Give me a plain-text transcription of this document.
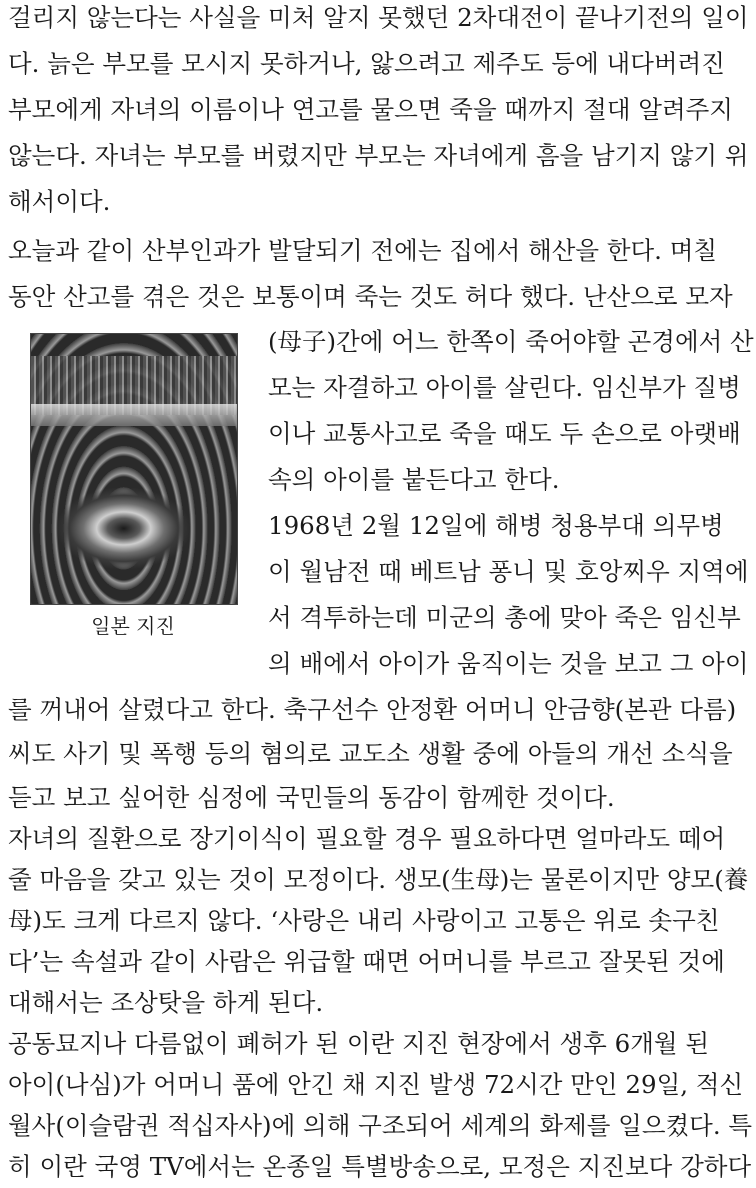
걸리지 않는다는 사실을 미처 알지 못했던 2차대전이 끝나기전의 일이
다. 늙은 부모를 모시지 못하거나, 앓으려고 제주도 등에 내다버려진
부모에게 자녀의 이름이나 연고를 물으면 죽을 때까지 절대 알려주지
않는다. 자녀는 부모를 버렸지만 부모는 자녀에게 흠을 남기지 않기 위
해서이다.
오늘과 같이 산부인과가 발달되기 전에는 집에서 해산을 한다. 며칠
동안 산고를 겪은 것은 보통이며 죽는 것도 허다 했다. 난산으로 모자
(母子)간에 어느 한쪽이 죽어야할 곤경에서 산
모는 자결하고 아이를 살린다. 임신부가 질병
이나 교통사고로 죽을 때도 두 손으로 아랫배
속의 아이를 붙든다고 한다.
1968년 2월 12일에 해병 청용부대 의무병
이 월남전 때 베트남 퐁니 및 호앙찌우 지역에
서 격투하는데 미군의 총에 맞아 죽은 임신부
의 배에서 아이가 움직이는 것을 보고 그 아이
를 꺼내어 살렸다고 한다. 축구선수 안정환 어머니 안금향(본관 다름)
씨도 사기 및 폭행 등의 혐의로 교도소 생활 중에 아들의 개선 소식을
듣고 보고 싶어한 심정에 국민들의 동감이 함께한 것이다.
자녀의 질환으로 장기이식이 필요할 경우 필요하다면 얼마라도 떼어
줄 마음을 갖고 있는 것이 모정이다. 생모(生母)는 물론이지만 양모(養
母)도 크게 다르지 않다. ‘사랑은 내리 사랑이고 고통은 위로 솟구친
다’는 속설과 같이 사람은 위급할 때면 어머니를 부르고 잘못된 것에
대해서는 조상탓을 하게 된다.
공동묘지나 다름없이 폐허가 된 이란 지진 현장에서 생후 6개월 된
아이(나심)가 어머니 품에 안긴 채 지진 발생 72시간 만인 29일, 적신
월사(이슬람권 적십자사)에 의해 구조되어 세계의 화제를 일으켰다. 특
히 이란 국영 TV에서는 온종일 특별방송으로, 모정은 지진보다 강하다
일본 지진
